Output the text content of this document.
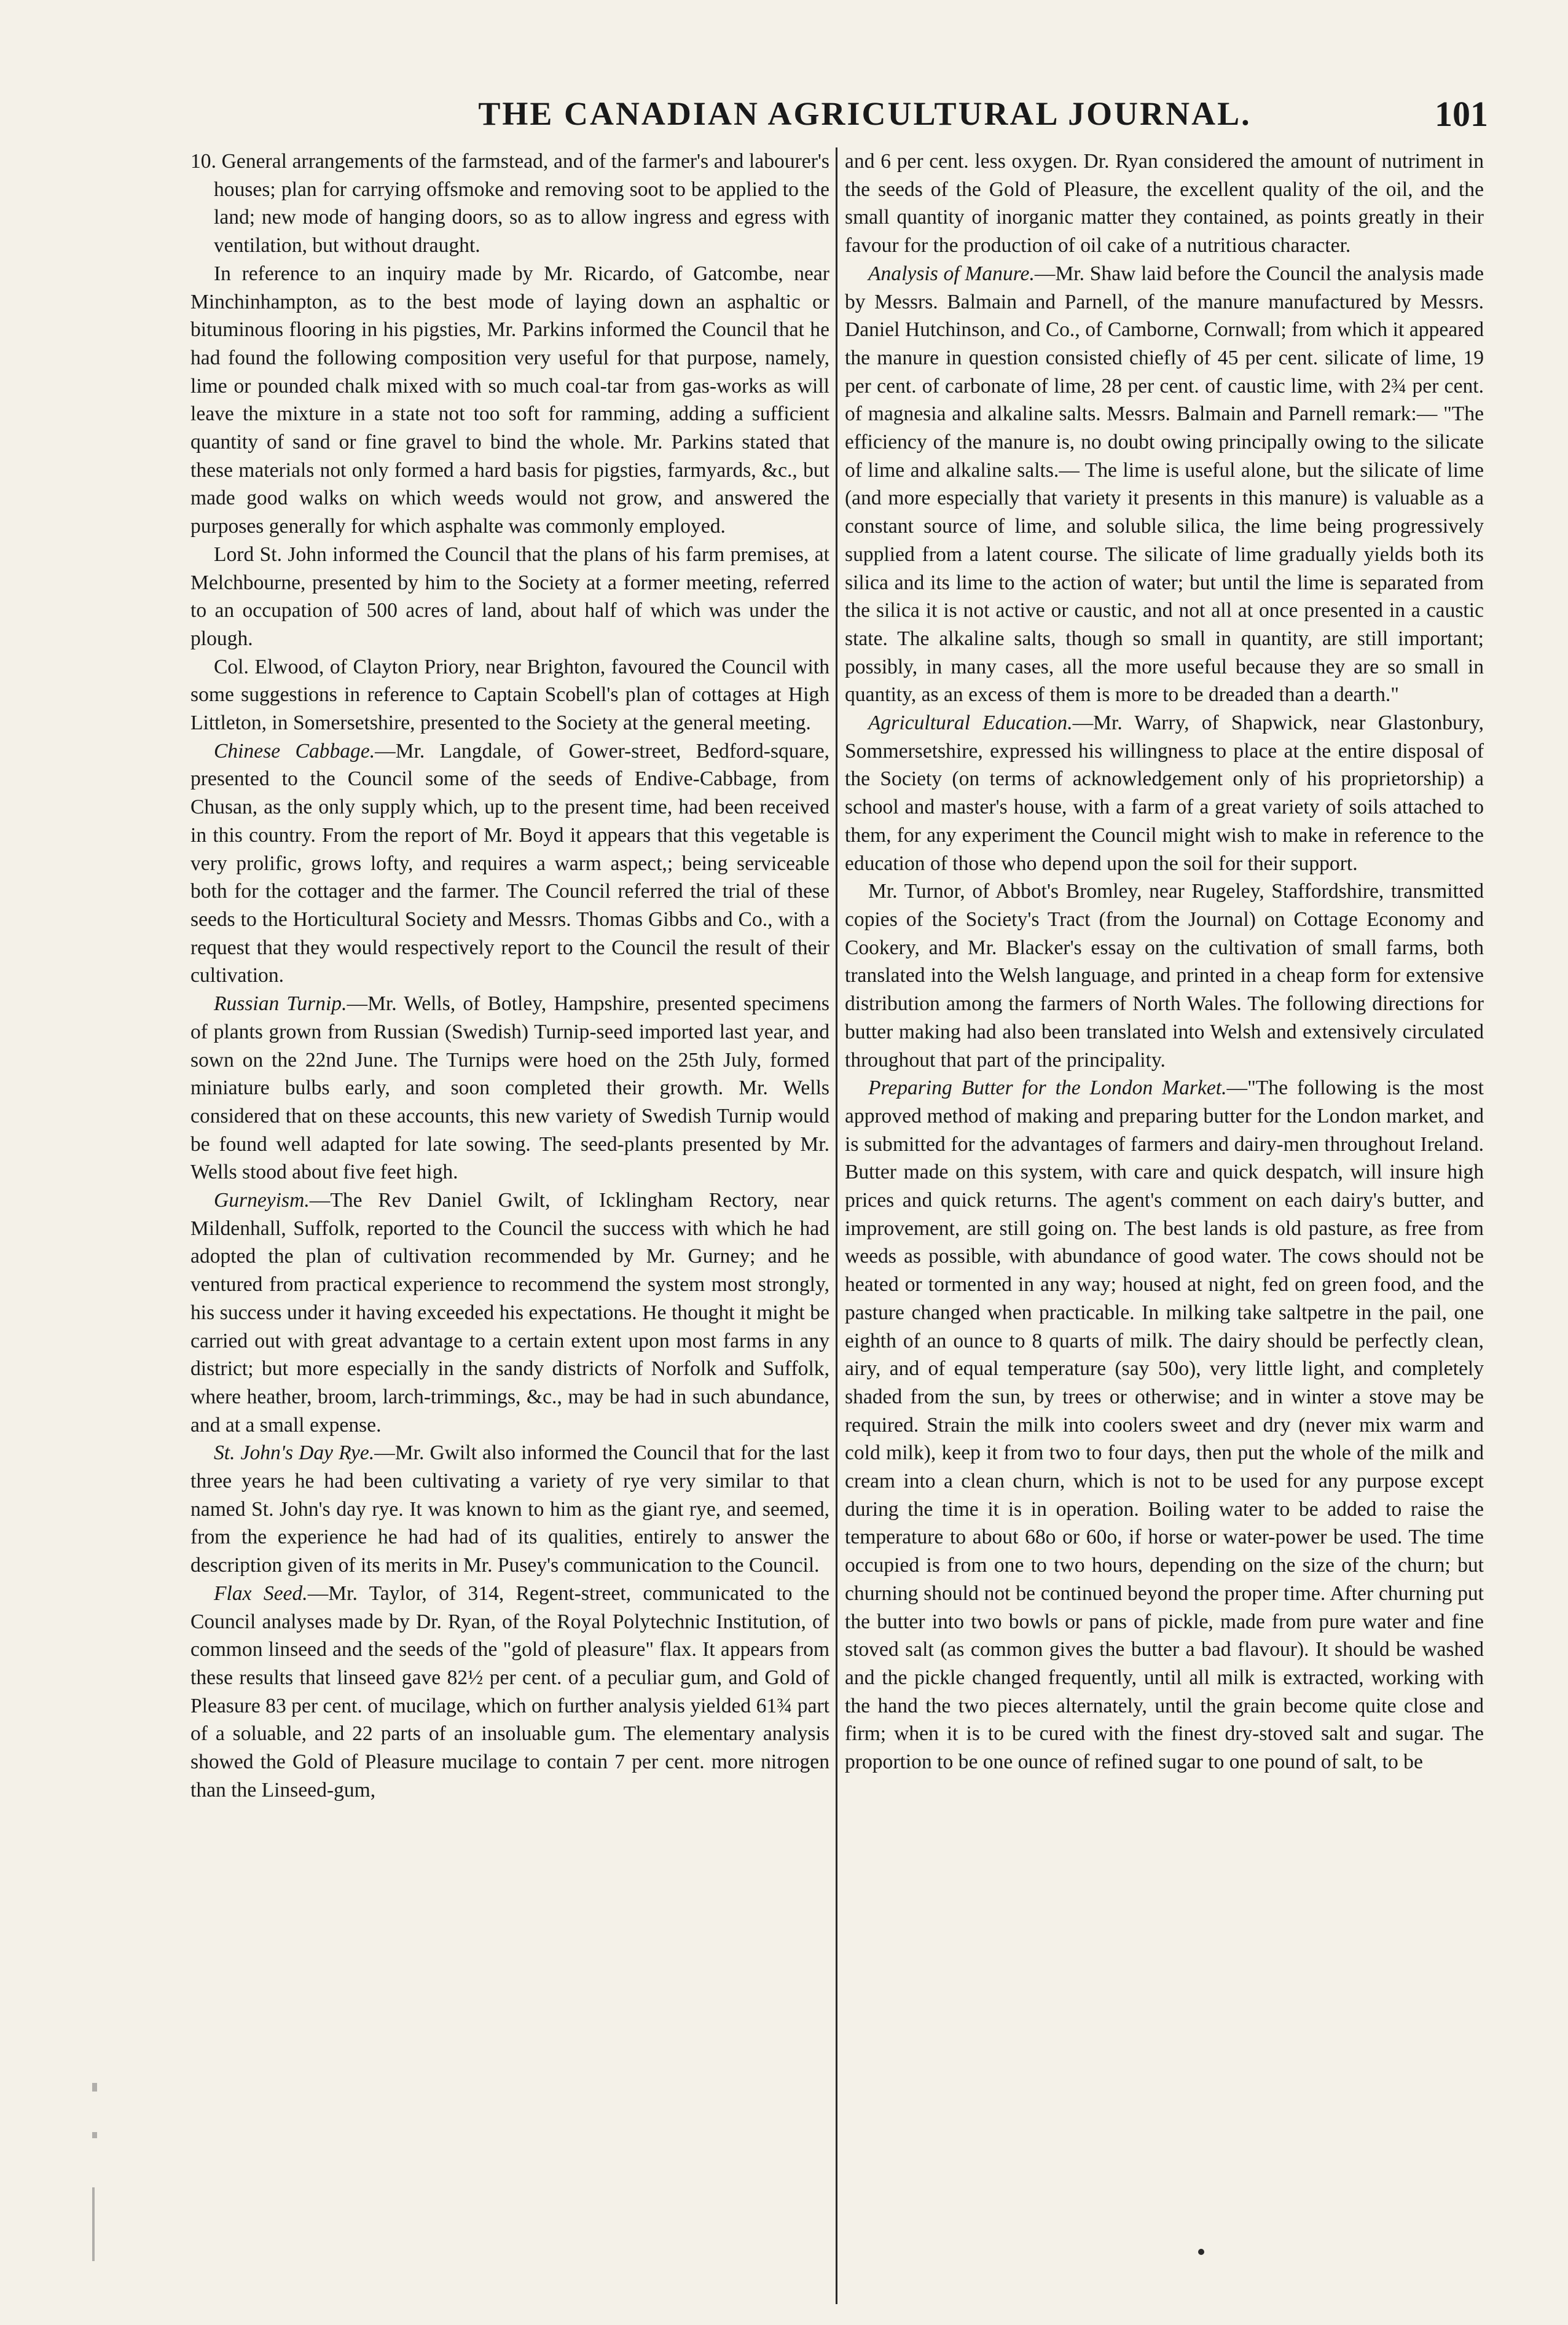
THE CANADIAN AGRICULTURAL JOURNAL.	101

10. General arrangements of the farmstead, and of the farmer's and labourer's houses; plan for carrying offsmoke and removing soot to be applied to the land; new mode of hanging doors, so as to allow ingress and egress with ventilation, but without draught.

In reference to an inquiry made by Mr. Ricardo, of Gatcombe, near Minchinhampton, as to the best mode of laying down an asphaltic or bituminous flooring in his pigsties, Mr. Parkins informed the Council that he had found the following composition very useful for that purpose, namely, lime or pounded chalk mixed with so much coal-tar from gas-works as will leave the mixture in a state not too soft for ramming, adding a sufficient quantity of sand or fine gravel to bind the whole. Mr. Parkins stated that these materials not only formed a hard basis for pigsties, farmyards, &c., but made good walks on which weeds would not grow, and answered the purposes generally for which asphalte was commonly employed.

Lord St. John informed the Council that the plans of his farm premises, at Melchbourne, presented by him to the Society at a former meeting, referred to an occupation of 500 acres of land, about half of which was under the plough.

Col. Elwood, of Clayton Priory, near Brighton, favoured the Council with some suggestions in reference to Captain Scobell's plan of cottages at High Littleton, in Somersetshire, presented to the Society at the general meeting.

Chinese Cabbage.—Mr. Langdale, of Gower-street, Bedford-square, presented to the Council some of the seeds of Endive-Cabbage, from Chusan, as the only supply which, up to the present time, had been received in this country. From the report of Mr. Boyd it appears that this vegetable is very prolific, grows lofty, and requires a warm aspect,; being serviceable both for the cottager and the farmer. The Council referred the trial of these seeds to the Horticultural Society and Messrs. Thomas Gibbs and Co., with a request that they would respectively report to the Council the result of their cultivation.

Russian Turnip.—Mr. Wells, of Botley, Hampshire, presented specimens of plants grown from Russian (Swedish) Turnip-seed imported last year, and sown on the 22nd June. The Turnips were hoed on the 25th July, formed miniature bulbs early, and soon completed their growth. Mr. Wells considered that on these accounts, this new variety of Swedish Turnip would be found well adapted for late sowing. The seed-plants presented by Mr. Wells stood about five feet high.

Gurneyism.—The Rev Daniel Gwilt, of Icklingham Rectory, near Mildenhall, Suffolk, reported to the Council the success with which he had adopted the plan of cultivation recommended by Mr. Gurney; and he ventured from practical experience to recommend the system most strongly, his success under it having exceeded his expectations. He thought it might be carried out with great advantage to a certain extent upon most farms in any district; but more especially in the sandy districts of Norfolk and Suffolk, where heather, broom, larch-trimmings, &c., may be had in such abundance, and at a small expense.

St. John's Day Rye.—Mr. Gwilt also informed the Council that for the last three years he had been cultivating a variety of rye very similar to that named St. John's day rye. It was known to him as the giant rye, and seemed, from the experience he had had of its qualities, entirely to answer the description given of its merits in Mr. Pusey's communication to the Council.

Flax Seed.—Mr. Taylor, of 314, Regent-street, communicated to the Council analyses made by Dr. Ryan, of the Royal Polytechnic Institution, of common linseed and the seeds of the "gold of pleasure" flax. It appears from these results that linseed gave 82½ per cent. of a peculiar gum, and Gold of Pleasure 83 per cent. of mucilage, which on further analysis yielded 61¾ part of a soluable, and 22 parts of an insoluable gum. The elementary analysis showed the Gold of Pleasure mucilage to contain 7 per cent. more nitrogen than the Linseed-gum,

and 6 per cent. less oxygen. Dr. Ryan considered the amount of nutriment in the seeds of the Gold of Pleasure, the excellent quality of the oil, and the small quantity of inorganic matter they contained, as points greatly in their favour for the production of oil cake of a nutritious character.

Analysis of Manure.—Mr. Shaw laid before the Council the analysis made by Messrs. Balmain and Parnell, of the manure manufactured by Messrs. Daniel Hutchinson, and Co., of Camborne, Cornwall; from which it appeared the manure in question consisted chiefly of 45 per cent. silicate of lime, 19 per cent. of carbonate of lime, 28 per cent. of caustic lime, with 2¾ per cent. of magnesia and alkaline salts. Messrs. Balmain and Parnell remark:— "The efficiency of the manure is, no doubt owing principally owing to the silicate of lime and alkaline salts.— The lime is useful alone, but the silicate of lime (and more especially that variety it presents in this manure) is valuable as a constant source of lime, and soluble silica, the lime being progressively supplied from a latent course. The silicate of lime gradually yields both its silica and its lime to the action of water; but until the lime is separated from the silica it is not active or caustic, and not all at once presented in a caustic state. The alkaline salts, though so small in quantity, are still important; possibly, in many cases, all the more useful because they are so small in quantity, as an excess of them is more to be dreaded than a dearth."

Agricultural Education.—Mr. Warry, of Shapwick, near Glastonbury, Sommersetshire, expressed his willingness to place at the entire disposal of the Society (on terms of acknowledgement only of his proprietorship) a school and master's house, with a farm of a great variety of soils attached to them, for any experiment the Council might wish to make in reference to the education of those who depend upon the soil for their support.

Mr. Turnor, of Abbot's Bromley, near Rugeley, Staffordshire, transmitted copies of the Society's Tract (from the Journal) on Cottage Economy and Cookery, and Mr. Blacker's essay on the cultivation of small farms, both translated into the Welsh language, and printed in a cheap form for extensive distribution among the farmers of North Wales. The following directions for butter making had also been translated into Welsh and extensively circulated throughout that part of the principality.

Preparing Butter for the London Market.—"The following is the most approved method of making and preparing butter for the London market, and is submitted for the advantages of farmers and dairy-men throughout Ireland. Butter made on this system, with care and quick despatch, will insure high prices and quick returns. The agent's comment on each dairy's butter, and improvement, are still going on. The best lands is old pasture, as free from weeds as possible, with abundance of good water. The cows should not be heated or tormented in any way; housed at night, fed on green food, and the pasture changed when practicable. In milking take saltpetre in the pail, one eighth of an ounce to 8 quarts of milk. The dairy should be perfectly clean, airy, and of equal temperature (say 50o), very little light, and completely shaded from the sun, by trees or otherwise; and in winter a stove may be required. Strain the milk into coolers sweet and dry (never mix warm and cold milk), keep it from two to four days, then put the whole of the milk and cream into a clean churn, which is not to be used for any purpose except during the time it is in operation. Boiling water to be added to raise the temperature to about 68o or 60o, if horse or water-power be used. The time occupied is from one to two hours, depending on the size of the churn; but churning should not be continued beyond the proper time. After churning put the butter into two bowls or pans of pickle, made from pure water and fine stoved salt (as common gives the butter a bad flavour). It should be washed and the pickle changed frequently, until all milk is extracted, working with the hand the two pieces alternately, until the grain become quite close and firm; when it is to be cured with the finest dry-stoved salt and sugar. The proportion to be one ounce of refined sugar to one pound of salt, to be
